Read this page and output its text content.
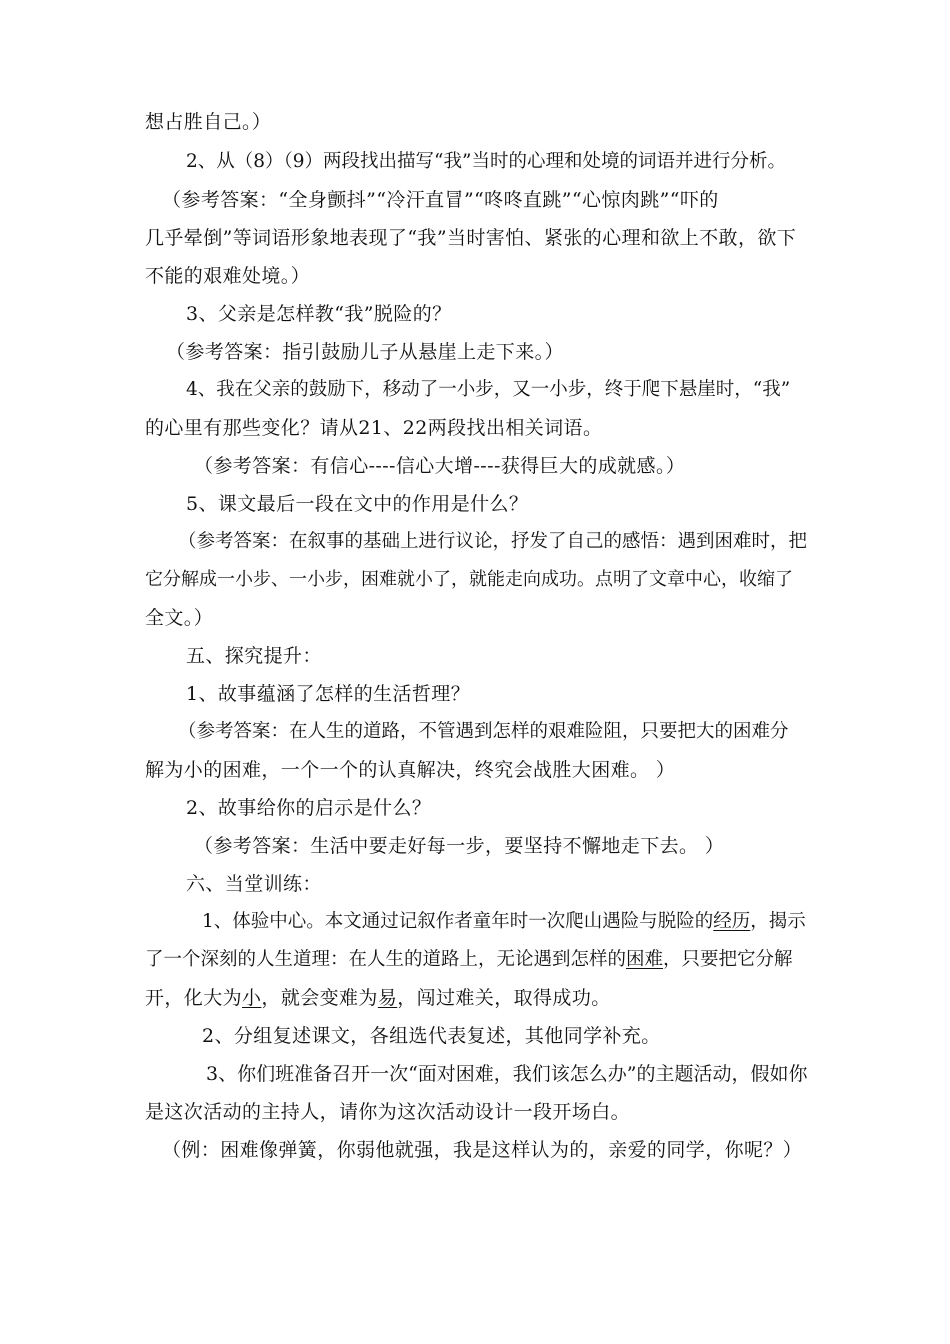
想占胜自己。）
2、从（8）（9）两段找出描写“我”当时的心理和处境的词语并进行分析。
（参考答案：“全身颤抖”“冷汗直冒”“咚咚直跳”“心惊肉跳”“吓的
几乎晕倒”等词语形象地表现了“我”当时害怕、紧张的心理和欲上不敢，欲下
不能的艰难处境。）
3、父亲是怎样教“我”脱险的？
（参考答案：指引鼓励儿子从悬崖上走下来。）
4、我在父亲的鼓励下，移动了一小步，又一小步，终于爬下悬崖时，“我”
的心里有那些变化？请从21、22两段找出相关词语。
（参考答案：有信心----信心大增----获得巨大的成就感。）
5、课文最后一段在文中的作用是什么？
（参考答案：在叙事的基础上进行议论，抒发了自己的感悟：遇到困难时，把
它分解成一小步、一小步，困难就小了，就能走向成功。点明了文章中心，收缩了
全文。）
五、探究提升：
1、故事蕴涵了怎样的生活哲理？
（参考答案：在人生的道路，不管遇到怎样的艰难险阻，只要把大的困难分
解为小的困难，一个一个的认真解决，终究会战胜大困难。 ）
2、故事给你的启示是什么？
（参考答案：生活中要走好每一步，要坚持不懈地走下去。 ）
六、当堂训练：
1、体验中心。本文通过记叙作者童年时一次爬山遇险与脱险的经历，揭示
了一个深刻的人生道理：在人生的道路上，无论遇到怎样的困难，只要把它分解
开，化大为小，就会变难为易，闯过难关，取得成功。
2、分组复述课文，各组选代表复述，其他同学补充。
3、你们班准备召开一次“面对困难，我们该怎么办”的主题活动，假如你
是这次活动的主持人，请你为这次活动设计一段开场白。
（例：困难像弹簧，你弱他就强，我是这样认为的，亲爱的同学，你呢？）
